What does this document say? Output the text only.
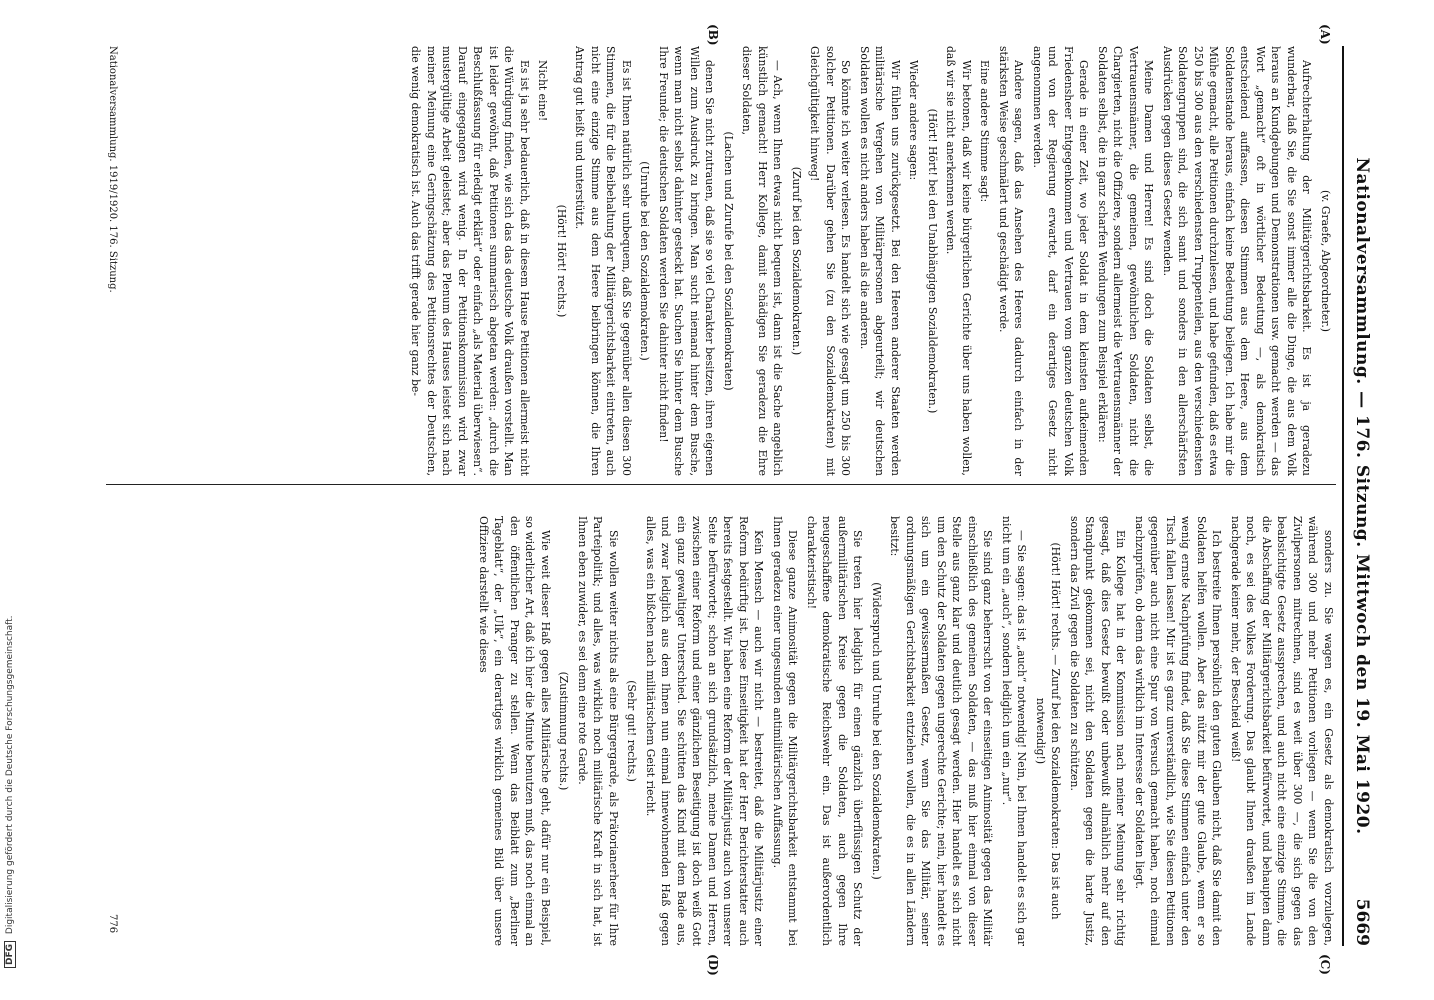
Nationalversammlung. — 176. Sitzung. Mittwoch den 19. Mai 1920.
5669
(A)
(B)
(C)
(D)

(v. Graefe, Abgeordneter.)

Aufrechterhaltung der Militärgerichtsbarkeit. Es ist ja geradezu wunderbar, daß Sie, die Sie sonst immer alle die Dinge, die aus dem Volk heraus an Kundgebungen und Demonstrationen usw. gemacht werden — das Wort „gemacht“ oft in wörtlicher Bedeutung —, als demokratisch entscheidend auffassen, diesen Stimmen aus dem Heere, aus dem Soldatenstande heraus, einfach keine Bedeutung beilegen. Ich habe mir die Mühe gemacht, alle Petitionen durchzulesen, und habe gefunden, daß es etwa 250 bis 300 aus den verschiedensten Truppenteilen, aus den verschiedensten Soldatengruppen sind, die sich samt und sonders in den allerschärfsten Ausdrücken gegen dieses Gesetz wenden.

Meine Damen und Herren! Es sind doch die Soldaten selbst, die Vertrauensmänner, die gemeinen, gewöhnlichen Soldaten, nicht die Chargierten, nicht die Offiziere, sondern allermeist die Vertrauensmänner der Soldaten selbst, die in ganz scharfen Wendungen zum Beispiel erklären:

Gerade in einer Zeit, wo jeder Soldat in dem kleinsten aufkeimenden Friedensheer Entgegenkommen und Vertrauen vom ganzen deutschen Volk und von der Regierung erwartet, darf ein derartiges Gesetz nicht angenommen werden.

Andere sagen, daß das Ansehen des Heeres dadurch einfach in der stärksten Weise geschmälert und geschädigt werde.

Eine andere Stimme sagt:

Wir betonen, daß wir keine bürgerlichen Gerichte über uns haben wollen, daß wir sie nicht anerkennen werden.

(Hört! Hört! bei den Unabhängigen Sozialdemokraten.)

Wieder andere sagen:

Wir fühlen uns zurückgesetzt. Bei den Heeren anderer Staaten werden militärische Vergehen von Militärpersonen abgeurteilt; wir deutschen Soldaten wollen es nicht anders haben als die anderen.

So könnte ich weiter verlesen. Es handelt sich wie gesagt um 250 bis 300 solcher Petitionen. Darüber gehen Sie (zu den Sozialdemokraten) mit Gleichgültigkeit hinweg!

(Zuruf bei den Sozialdemokraten.)

— Ach, wenn Ihnen etwas nicht bequem ist, dann ist die Sache angeblich künstlich gemacht! Herr Kollege, damit schädigen Sie geradezu die Ehre dieser Soldaten,

(Lachen und Zurufe bei den Sozialdemokraten)

denen Sie nicht zutrauen, daß sie so viel Charakter besitzen, ihren eigenen Willen zum Ausdruck zu bringen. Man sucht niemand hinter dem Busche, wenn man nicht selbst dahinter gesteckt hat. Suchen Sie hinter dem Busche Ihre Freunde; die deutschen Soldaten werden Sie dahinter nicht finden!

(Unruhe bei den Sozialdemokraten.)

Es ist Ihnen natürlich sehr unbequem, daß Sie gegenüber allen diesen 300 Stimmen, die für die Beibehaltung der Militärgerichtsbarkeit eintreten, auch nicht eine einzige Stimme aus dem Heere beibringen können, die Ihren Antrag gut heißt und unterstützt.

(Hört! Hört! rechts.)

Nicht eine!

Es ist ja sehr bedauerlich, daß in diesem Hause Petitionen allermeist nicht die Würdigung finden, wie sich das das deutsche Volk draußen vorstellt. Man ist leider gewöhnt, daß Petitionen summarisch abgetan werden: „durch die Beschlußfassung für erledigt erklärt“ oder einfach „als Material überwiesen“. Darauf eingegangen wird wenig. In der Petitionskommission wird zwar mustergültige Arbeit geleistet; aber das Plenum des Hauses leistet sich nach meiner Meinung eine Geringschätzung des Petitionsrechtes der Deutschen, die wenig demokratisch ist. Auch das trifft gerade hier ganz be-

sonders zu. Sie wagen es, ein Gesetz als demokratisch vorzulegen, während 300 und mehr Petitionen vorliegen — wenn Sie die von den Zivilpersonen mitrechnen, sind es weit über 300 —, die sich gegen das beabsichtigte Gesetz aussprechen, und auch nicht eine einzige Stimme, die die Abschaffung der Militärgerichtsbarkeit befürwortet, und behaupten dann noch, es sei des Volkes Forderung. Das glaubt Ihnen draußen im Lande nachgerade keiner mehr, der Bescheid weiß!

Ich bestreite Ihnen persönlich den guten Glauben nicht, daß Sie damit den Soldaten helfen wollen. Aber das nützt mir der gute Glaube, wenn er so wenig ernste Nachprüfung findet, daß Sie diese Stimmen einfach unter den Tisch fallen lassen! Mir ist es ganz unverständlich, wie Sie diesen Petitionen gegenüber auch nicht eine Spur von Versuch gemacht haben, noch einmal nachzuprüfen, ob denn das wirklich im Interesse der Soldaten liegt.

Ein Kollege hat in der Kommission nach meiner Meinung sehr richtig gesagt, daß dies Gesetz bewußt oder unbewußt allmählich mehr auf den Standpunkt gekommen sei, nicht den Soldaten gegen die harte Justiz, sondern das Zivil gegen die Soldaten zu schützen.

(Hört! Hört! rechts. — Zuruf bei den Sozialdemokraten: Das ist auch notwendig!)

— Sie sagen: das ist „auch“ notwendig! Nein, bei Ihnen handelt es sich gar nicht um ein „auch“, sondern lediglich um ein „nur“.

Sie sind ganz beherrscht von der einseitigen Animosität gegen das Militär einschließlich des gemeinen Soldaten, — das muß hier einmal von dieser Stelle aus ganz klar und deutlich gesagt werden. Hier handelt es sich nicht um den Schutz der Soldaten gegen ungerechte Gerichte; nein, hier handelt es sich um ein gewissermaßen Gesetz, wenn Sie das Militär, seiner ordnungsmäßigen Gerichtsbarkeit entziehen wollen, die es in allen Ländern besitzt:

(Widerspruch und Unruhe bei den Sozialdemokraten.)

Sie treten hier lediglich für einen gänzlich überflüssigen Schutz der außermilitärischen Kreise gegen die Soldaten, auch gegen Ihre neugeschaffene demokratische Reichswehr ein. Das ist außerordentlich charakteristisch!

Diese ganze Animosität gegen die Militärgerichtsbarkeit entstammt bei Ihnen geradezu einer ungesunden antimilitärischen Auffassung.

Kein Mensch — auch wir nicht — bestreitet, daß die Militärjustiz einer Reform bedürftig ist. Diese Einseitigkeit hat der Herr Berichterstatter auch bereits festgestellt. Wir haben eine Reform der Militärjustiz auch von unserer Seite befürwortet; schon an sich grundsätzlich, meine Damen und Herren, zwischen einer Reform und einer gänzlichen Beseitigung ist doch weiß Gott ein ganz gewaltiger Unterschied. Sie schütten das Kind mit dem Bade aus, und zwar lediglich aus dem Ihnen nun einmal innewohnenden Haß gegen alles, was ein bißchen nach militärischem Geist riecht.

(Sehr gut! rechts.)

Sie wollen weiter nichts als eine Bürgergarde, als Prätorianerheer für Ihre Parteipolitik; und alles, was wirklich noch militärische Kraft in sich hat, ist Ihnen eben zuwider, es sei denn eine rote Garde.

(Zustimmung rechts.)

Wie weit dieser Haß gegen alles Militärische geht, dafür nur ein Beispiel, so widerlicher Art, daß ich hier die Minute benutzen muß, das noch einmal an den öffentlichen Pranger zu stellen. Wenn das Beiblatt zum „Berliner Tageblatt“, der „Ulk“, ein derartiges wirklich gemeines Bild über unsere Offiziere darstellt wie dieses

Nationalversammlung. 1919/1920. 176. Sitzung.
776
DFG Digitalisierung gefördert durch die Deutsche Forschungsgemeinschaft.
